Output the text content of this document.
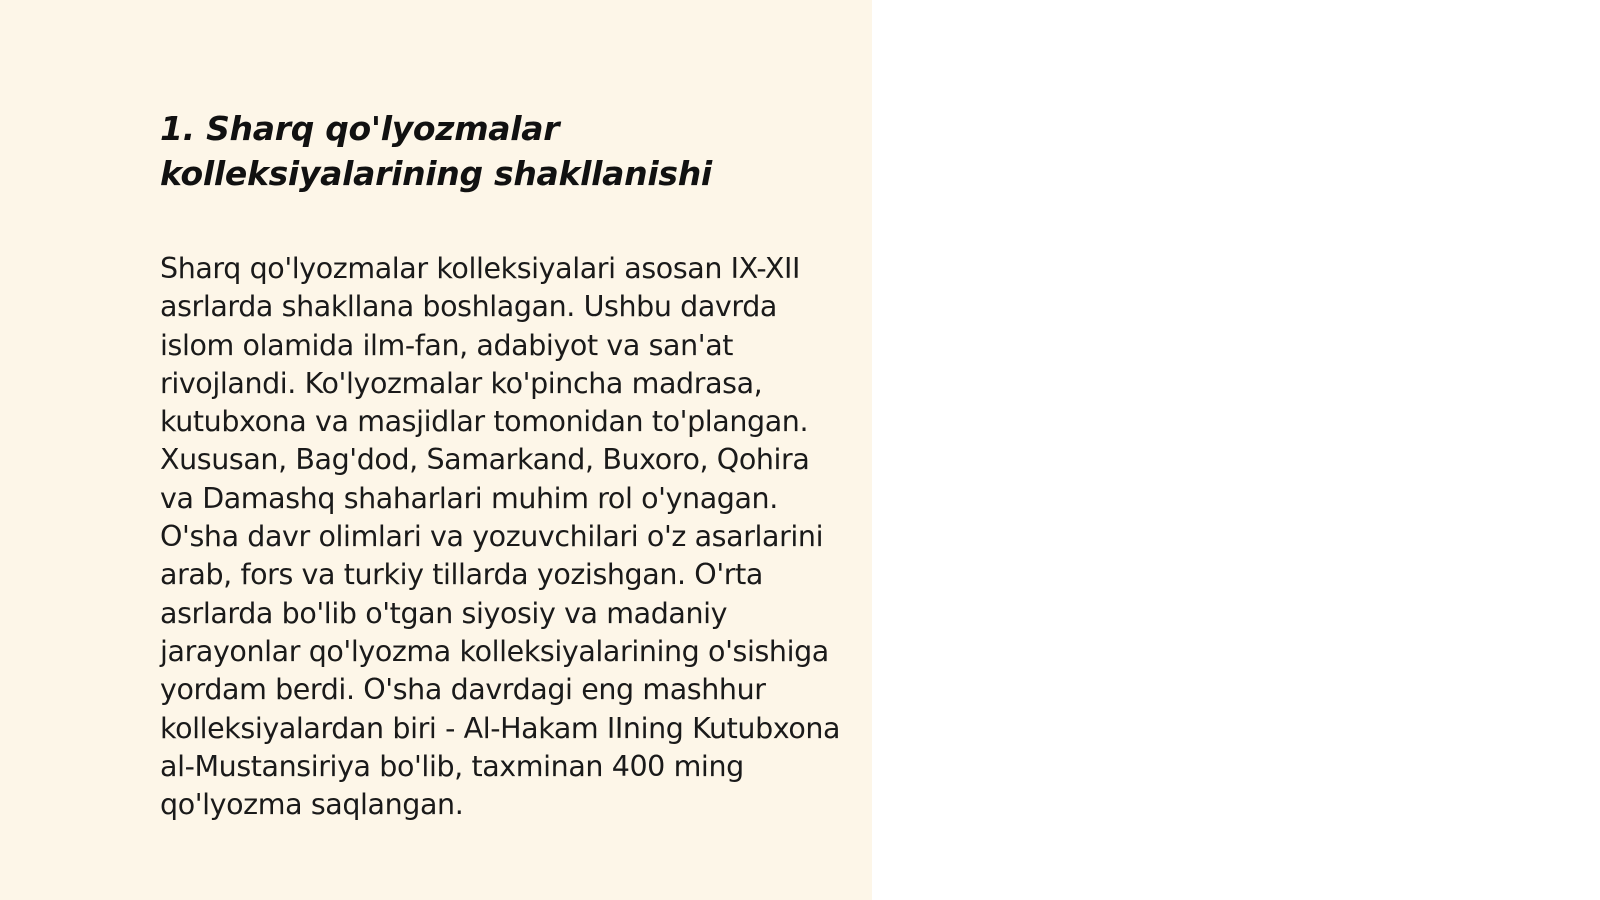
1. Sharq qo'lyozmalar kolleksiyalarining shakllanishi

Sharq qo'lyozmalar kolleksiyalari asosan IX-XII asrlarda shakllana boshlagan. Ushbu davrda islom olamida ilm-fan, adabiyot va san'at rivojlandi. Ko'lyozmalar ko'pincha madrasa, kutubxona va masjidlar tomonidan to'plangan. Xususan, Bag'dod, Samarkand, Buxoro, Qohira va Damashq shaharlari muhim rol o'ynagan. O'sha davr olimlari va yozuvchilari o'z asarlarini arab, fors va turkiy tillarda yozishgan. O'rta asrlarda bo'lib o'tgan siyosiy va madaniy jarayonlar qo'lyozma kolleksiyalarining o'sishiga yordam berdi. O'sha davrdagi eng mashhur kolleksiyalardan biri - Al-Hakam IIning Kutubxona al-Mustansiriya bo'lib, taxminan 400 ming qo'lyozma saqlangan.
